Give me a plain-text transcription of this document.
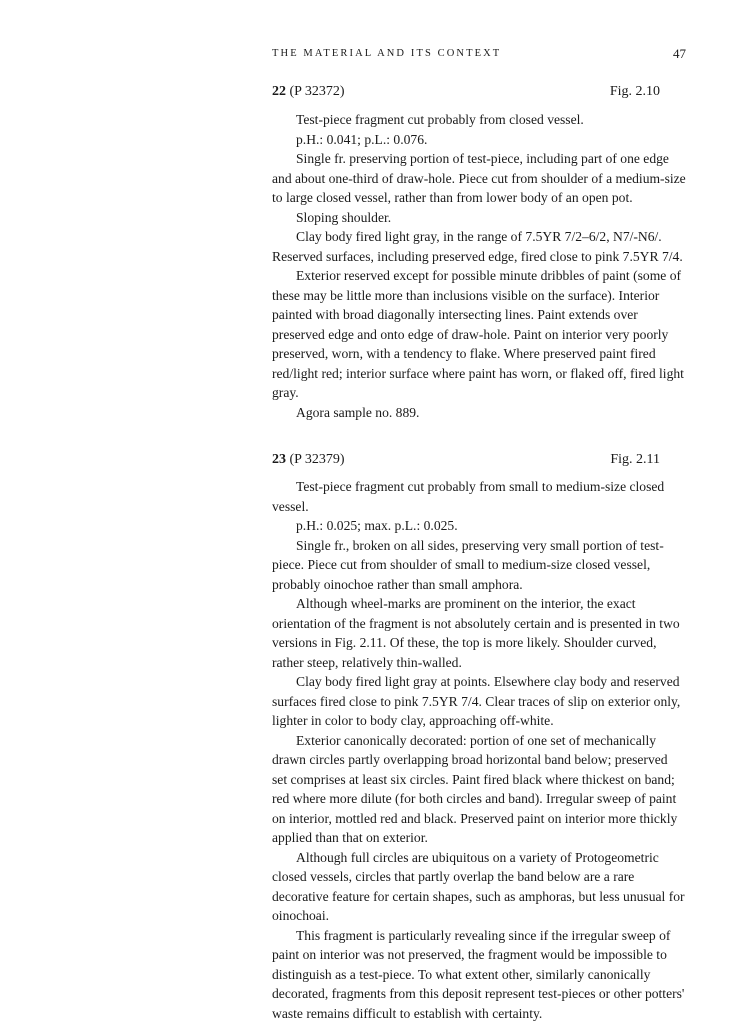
THE MATERIAL AND ITS CONTEXT	47
22 (P 32372)	Fig. 2.10

Test-piece fragment cut probably from closed vessel.

p.H.: 0.041; p.L.: 0.076.

Single fr. preserving portion of test-piece, including part of one edge and about one-third of draw-hole. Piece cut from shoulder of a medium-size to large closed vessel, rather than from lower body of an open pot.

Sloping shoulder.

Clay body fired light gray, in the range of 7.5YR 7/2–6/2, N7/-N6/. Reserved surfaces, including preserved edge, fired close to pink 7.5YR 7/4.

Exterior reserved except for possible minute dribbles of paint (some of these may be little more than inclusions visible on the surface). Interior painted with broad diagonally intersecting lines. Paint extends over preserved edge and onto edge of draw-hole. Paint on interior very poorly preserved, worn, with a tendency to flake. Where preserved paint fired red/light red; interior surface where paint has worn, or flaked off, fired light gray.

Agora sample no. 889.

23 (P 32379)	Fig. 2.11

Test-piece fragment cut probably from small to medium-size closed vessel.

p.H.: 0.025; max. p.L.: 0.025.

Single fr., broken on all sides, preserving very small portion of test-piece. Piece cut from shoulder of small to medium-size closed vessel, probably oinochoe rather than small amphora.

Although wheel-marks are prominent on the interior, the exact orientation of the fragment is not absolutely certain and is presented in two versions in Fig. 2.11. Of these, the top is more likely. Shoulder curved, rather steep, relatively thin-walled.

Clay body fired light gray at points. Elsewhere clay body and reserved surfaces fired close to pink 7.5YR 7/4. Clear traces of slip on exterior only, lighter in color to body clay, approaching off-white.

Exterior canonically decorated: portion of one set of mechanically drawn circles partly overlapping broad horizontal band below; preserved set comprises at least six circles. Paint fired black where thickest on band; red where more dilute (for both circles and band). Irregular sweep of paint on interior, mottled red and black. Preserved paint on interior more thickly applied than that on exterior.

Although full circles are ubiquitous on a variety of Protogeometric closed vessels, circles that partly overlap the band below are a rare decorative feature for certain shapes, such as amphoras, but less unusual for oinochoai.

This fragment is particularly revealing since if the irregular sweep of paint on interior was not preserved, the fragment would be impossible to distinguish as a test-piece. To what extent other, similarly canonically decorated, fragments from this deposit represent test-pieces or other potters' waste remains difficult to establish with certainty.
